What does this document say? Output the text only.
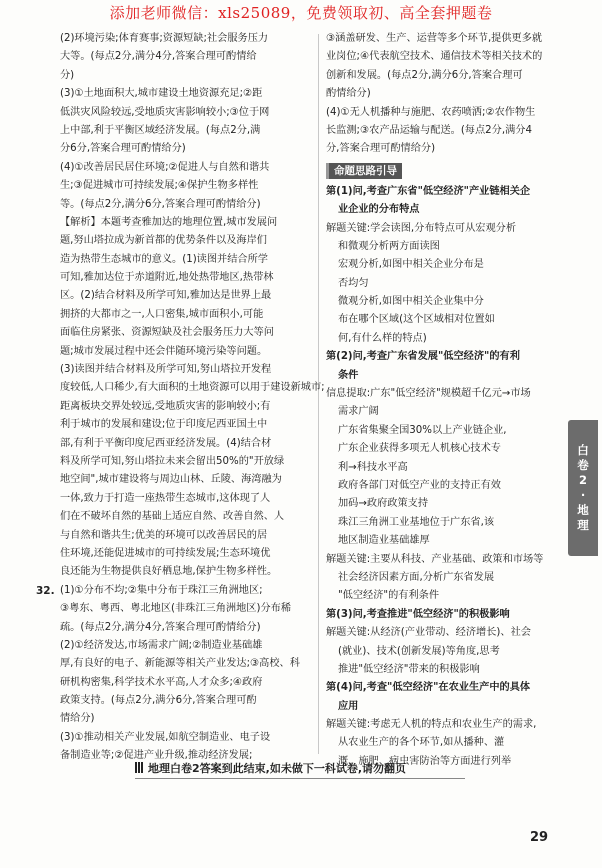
添加老师微信：xls25089，免费领取初、高全套押题卷
(2)环境污染;体育赛事;资源短缺;社会服务压力
大等。(每点2分,满分4分,答案合理可酌情给
分)
(3)①土地面积大,城市建设土地资源充足;②距
低洪灾风险较远,受地质灾害影响较小;③位于网
上中部,利于平衡区域经济发展。(每点2分,满
分6分,答案合理可酌情给分)
(4)①改善居民居住环境;②促进人与自然和谐共
生;③促进城市可持续发展;④保护生物多样性
等。(每点2分,满分6分,答案合理可酌情给分)
【解析】本题考查雅加达的地理位置,城市发展问
题,努山塔拉成为新首都的优势条件以及海岸们
造为热带生态城市的意义。(1)读图并结合所学
可知,雅加达位于赤道附近,地处热带地区,热带林
区。(2)结合材料及所学可知,雅加达是世界上最
拥挤的大都市之一,人口密集,城市面积小,可能
面临住房紧张、资源短缺及社会服务压力大等问
题;城市发展过程中还会伴随环境污染等问题。
(3)读图并结合材料及所学可知,努山塔拉开发程
度较低,人口稀少,有大面积的土地资源可以用于建设新城市;
距离板块交界处较远,受地质灾害的影响较小;有
利于城市的发展和建设;位于印度尼西亚国土中
部,有利于平衡印度尼西亚经济发展。(4)结合材
料及所学可知,努山塔拉未来会留出50%的"开放绿
地空间",城市建设将与周边山林、丘陵、海湾融为
一体,致力于打造一座热带生态城市,这体现了人
们在不破坏自然的基础上适应自然、改善自然、人
与自然和谐共生;优美的环境可以改善居民的居
住环境,还能促进城市的可持续发展;生态环境优
良还能为生物提供良好栖息地,保护生物多样性。
32. (1)①分布不均;②集中分布于珠江三角洲地区;
③粤东、粤西、粤北地区(非珠江三角洲地区)分布稀
疏。(每点2分,满分4分,答案合理可酌情给分)
(2)①经济发达,市场需求广阔;②制造业基础雄
厚,有良好的电子、新能源等相关产业发达;③高校、科
研机构密集,科学技术水平高,人才众多;④政府
政策支持。(每点2分,满分6分,答案合理可酌
情给分)
(3)①推动相关产业发展,如航空制造业、电子设
备制造业等;②促进产业升级,推动经济发展;
③涵盖研发、生产、运营等多个环节,提供更多就
业岗位;④代表航空技术、通信技术等相关技术的
创新和发展。(每点2分,满分6分,答案合理可
酌情给分)
(4)①无人机播种与施肥、农药喷洒;②农作物生
长监测;③农产品运输与配送。(每点2分,满分4
分,答案合理可酌情给分)
命题思路引导
第(1)问,考查广东省"低空经济"产业链相关企
业企业的分布特点
解题关键:学会读图,分布特点可从宏观分析
和微观分析两方面读图
宏观分析,如图中相关企业分布是
否均匀
微观分析,如图中相关企业集中分
布在哪个区域(这个区域相对位置如
何,有什么样的特点)
第(2)问,考查广东省发展"低空经济"的有利
条件
信息提取:广东"低空经济"规模超千亿元→市场
需求广阔
广东省集聚全国30%以上产业链企业,
广东企业获得多项无人机核心技术专
利→科技水平高
政府各部门对低空产业的支持正有效
加码→政府政策支持
珠江三角洲工业基地位于广东省,该
地区制造业基础雄厚
解题关键:主要从科技、产业基础、政策和市场等
社会经济因素方面,分析广东省发展
"低空经济"的有利条件
第(3)问,考查推进"低空经济"的积极影响
解题关键:从经济(产业带动、经济增长)、社会
(就业)、技术(创新发展)等角度,思考
推进"低空经济"带来的积极影响
第(4)问,考查"低空经济"在农业生产中的具体
应用
解题关键:考虑无人机的特点和农业生产的需求,
从农业生产的各个环节,如从播种、灌
溉、施肥、病虫害防治等方面进行列举
白
卷
2
·
地
理
地理白卷2答案到此结束,如未做下一科试卷,请勿翻页
29
